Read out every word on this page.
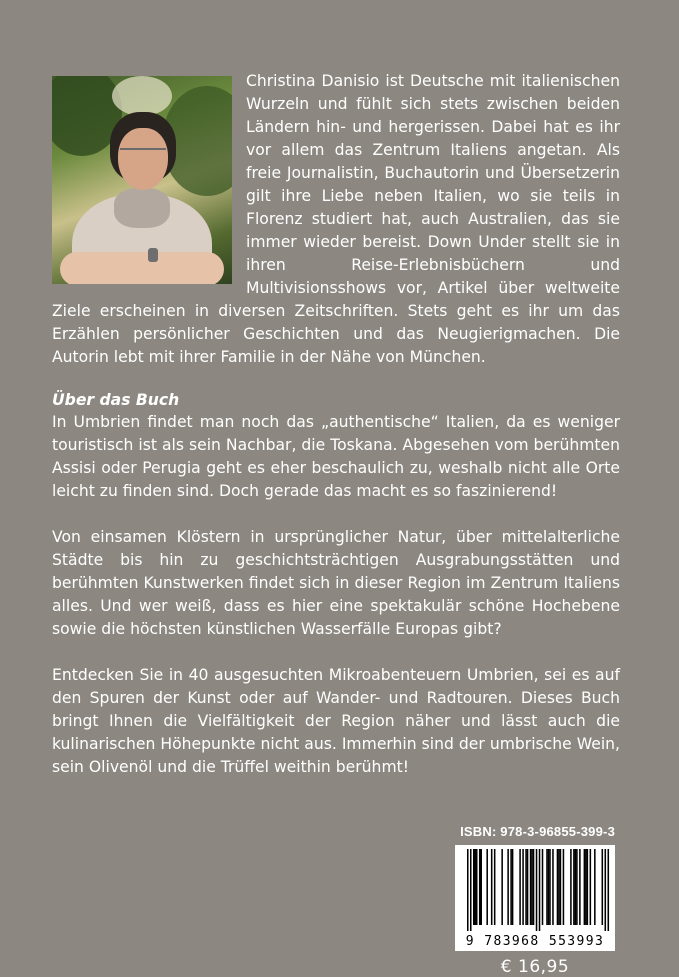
Christina Danisio ist Deutsche mit italienischen Wurzeln und fühlt sich stets zwischen beiden Ländern hin- und hergerissen. Dabei hat es ihr vor allem das Zentrum Italiens angetan. Als freie Journalistin, Buchautorin und Übersetzerin gilt ihre Liebe neben Italien, wo sie teils in Florenz studiert hat, auch Australien, das sie immer wieder bereist. Down Under stellt sie in ihren Reise-Erlebnisbüchern und Multivisionsshows vor, Artikel über weltweite Ziele erscheinen in diversen Zeitschriften. Stets geht es ihr um das Erzählen persönlicher Geschichten und das Neugierigmachen. Die Autorin lebt mit ihrer Familie in der Nähe von München.
Über das Buch

In Umbrien findet man noch das „authentische“ Italien, da es weniger touristisch ist als sein Nachbar, die Toskana. Abgesehen vom berühmten Assisi oder Perugia geht es eher beschaulich zu, weshalb nicht alle Orte leicht zu finden sind. Doch gerade das macht es so faszinierend!

Von einsamen Klöstern in ursprünglicher Natur, über mittelalterliche Städte bis hin zu geschichtsträchtigen Ausgrabungsstätten und berühmten Kunstwerken findet sich in dieser Region im Zentrum Italiens alles. Und wer weiß, dass es hier eine spektakulär schöne Hochebene sowie die höchsten künstlichen Wasserfälle Europas gibt?

Entdecken Sie in 40 ausgesuchten Mikroabenteuern Umbrien, sei es auf den Spuren der Kunst oder auf Wander- und Radtouren. Dieses Buch bringt Ihnen die Vielfältigkeit der Region näher und lässt auch die kulinarischen Höhepunkte nicht aus. Immerhin sind der umbrische Wein, sein Olivenöl und die Trüffel weithin berühmt!

ISBN: 978-3-96855-399-3
9 783968 553993
€ 16,95
